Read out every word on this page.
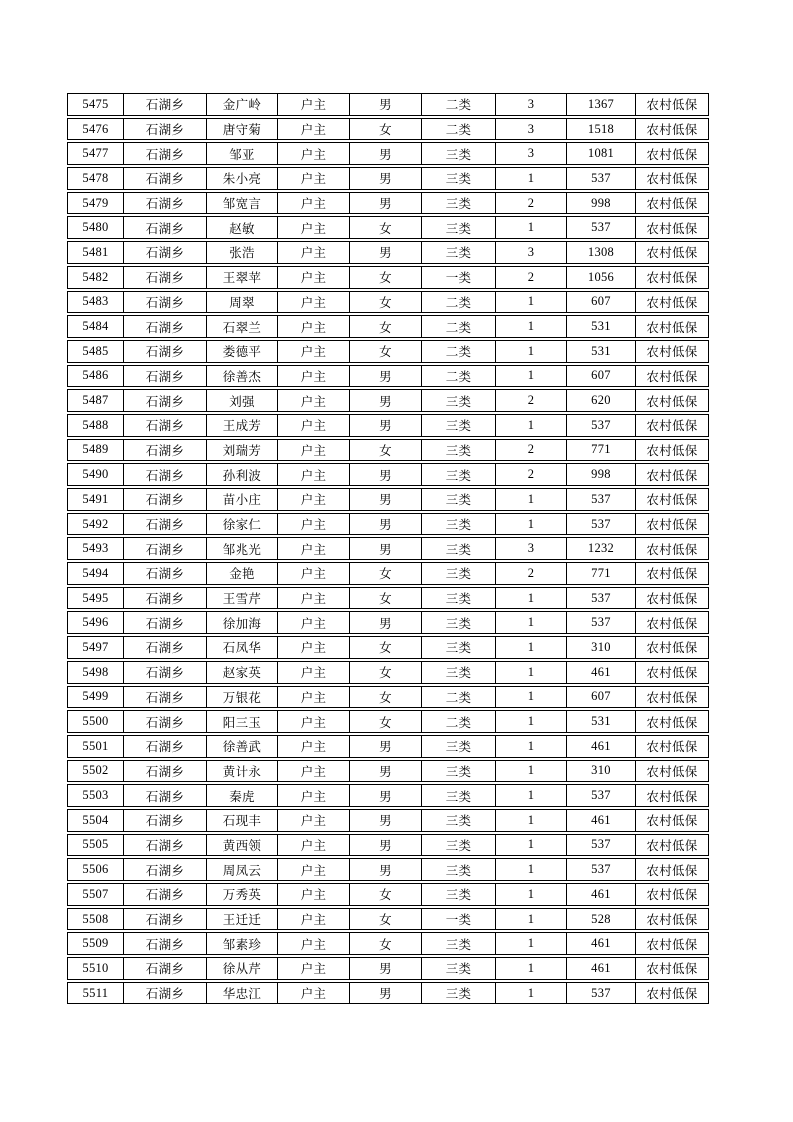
5475	石湖乡	金广岭	户主	男	二类	3	1367	农村低保
5476	石湖乡	唐守菊	户主	女	二类	3	1518	农村低保
5477	石湖乡	邹亚	户主	男	三类	3	1081	农村低保
5478	石湖乡	朱小亮	户主	男	三类	1	537	农村低保
5479	石湖乡	邹宽言	户主	男	三类	2	998	农村低保
5480	石湖乡	赵敏	户主	女	三类	1	537	农村低保
5481	石湖乡	张浩	户主	男	三类	3	1308	农村低保
5482	石湖乡	王翠苹	户主	女	一类	2	1056	农村低保
5483	石湖乡	周翠	户主	女	二类	1	607	农村低保
5484	石湖乡	石翠兰	户主	女	二类	1	531	农村低保
5485	石湖乡	娄德平	户主	女	二类	1	531	农村低保
5486	石湖乡	徐善杰	户主	男	二类	1	607	农村低保
5487	石湖乡	刘强	户主	男	三类	2	620	农村低保
5488	石湖乡	王成芳	户主	男	三类	1	537	农村低保
5489	石湖乡	刘瑞芳	户主	女	三类	2	771	农村低保
5490	石湖乡	孙利波	户主	男	三类	2	998	农村低保
5491	石湖乡	苗小庄	户主	男	三类	1	537	农村低保
5492	石湖乡	徐家仁	户主	男	三类	1	537	农村低保
5493	石湖乡	邹兆光	户主	男	三类	3	1232	农村低保
5494	石湖乡	金艳	户主	女	三类	2	771	农村低保
5495	石湖乡	王雪芹	户主	女	三类	1	537	农村低保
5496	石湖乡	徐加海	户主	男	三类	1	537	农村低保
5497	石湖乡	石凤华	户主	女	三类	1	310	农村低保
5498	石湖乡	赵家英	户主	女	三类	1	461	农村低保
5499	石湖乡	万银花	户主	女	二类	1	607	农村低保
5500	石湖乡	阳三玉	户主	女	二类	1	531	农村低保
5501	石湖乡	徐善武	户主	男	三类	1	461	农村低保
5502	石湖乡	黄计永	户主	男	三类	1	310	农村低保
5503	石湖乡	秦虎	户主	男	三类	1	537	农村低保
5504	石湖乡	石现丰	户主	男	三类	1	461	农村低保
5505	石湖乡	黄西领	户主	男	三类	1	537	农村低保
5506	石湖乡	周凤云	户主	男	三类	1	537	农村低保
5507	石湖乡	万秀英	户主	女	三类	1	461	农村低保
5508	石湖乡	王迁迁	户主	女	一类	1	528	农村低保
5509	石湖乡	邹素珍	户主	女	三类	1	461	农村低保
5510	石湖乡	徐从芹	户主	男	三类	1	461	农村低保
5511	石湖乡	华忠江	户主	男	三类	1	537	农村低保
